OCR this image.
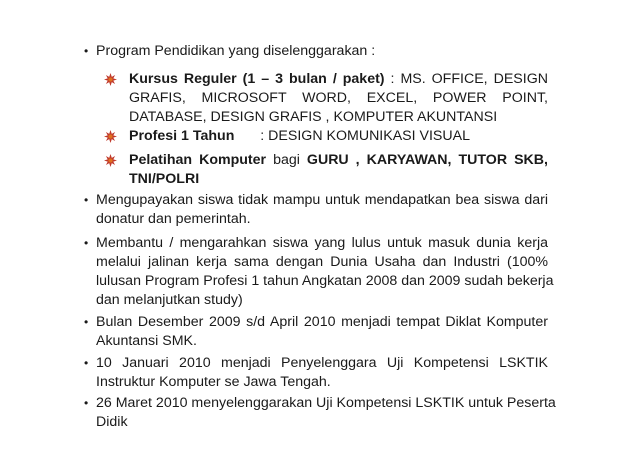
• Program Pendidikan yang diselenggarakan :
Kursus Reguler (1 – 3 bulan / paket) : MS. OFFICE, DESIGN
GRAFIS, MICROSOFT WORD, EXCEL, POWER POINT,
DATABASE, DESIGN GRAFIS , KOMPUTER AKUNTANSI
Profesi 1 Tahun : DESIGN KOMUNIKASI VISUAL
Pelatihan Komputer bagi GURU , KARYAWAN, TUTOR SKB,
TNI/POLRI
• Mengupayakan siswa tidak mampu untuk mendapatkan bea siswa dari
donatur dan pemerintah.
• Membantu / mengarahkan siswa yang lulus untuk masuk dunia kerja
melalui jalinan kerja sama dengan Dunia Usaha dan Industri (100%
lulusan Program Profesi 1 tahun Angkatan 2008 dan 2009 sudah bekerja
dan melanjutkan study)
• Bulan Desember 2009 s/d April 2010 menjadi tempat Diklat Komputer
Akuntansi SMK.
• 10 Januari 2010 menjadi Penyelenggara Uji Kompetensi LSKTIK
Instruktur Komputer se Jawa Tengah.
• 26 Maret 2010 menyelenggarakan Uji Kompetensi LSKTIK untuk Peserta
Didik
